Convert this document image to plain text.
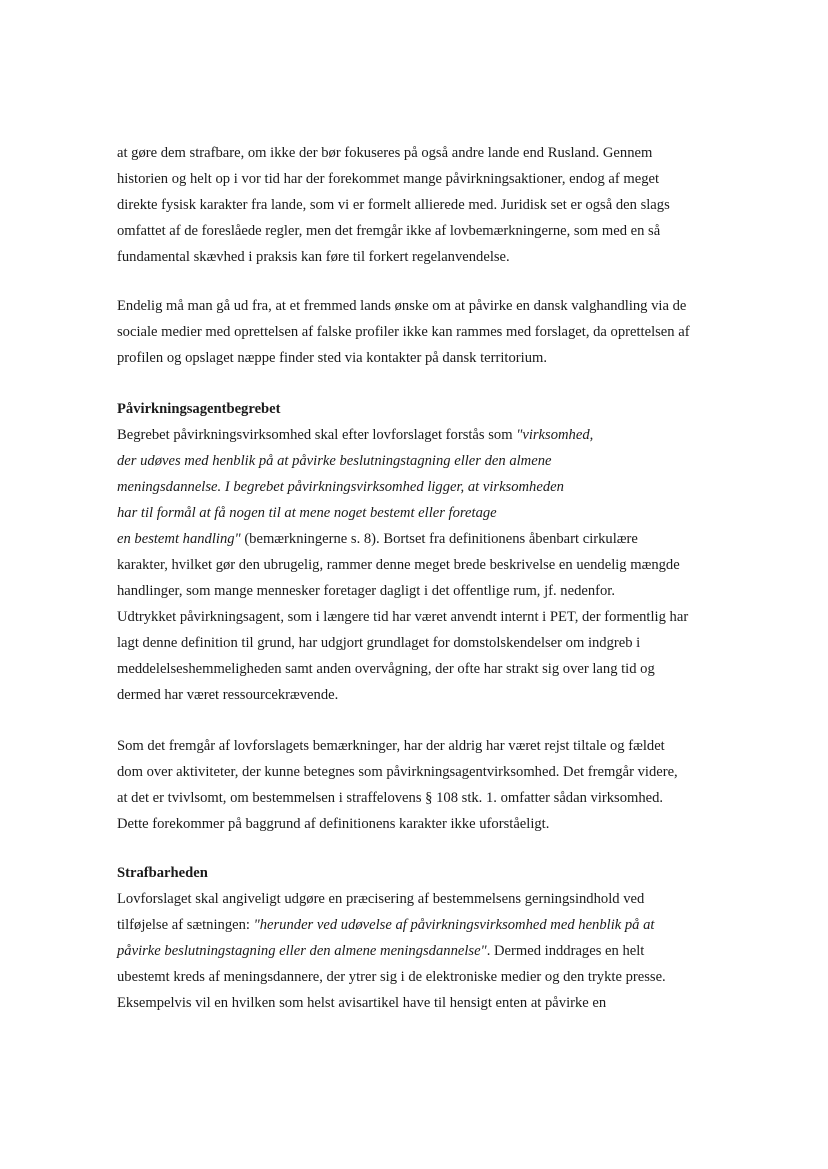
at gøre dem strafbare, om ikke der bør fokuseres på også andre lande end Rusland. Gennem
historien og helt op i vor tid har der forekommet mange påvirkningsaktioner, endog af meget
direkte fysisk karakter fra lande, som vi er formelt allierede med. Juridisk set er også den slags
omfattet af de foreslåede regler, men det fremgår ikke af lovbemærkningerne, som med en så
fundamental skævhed i praksis kan føre til forkert regelanvendelse.
Endelig må man gå ud fra, at et fremmed lands ønske om at påvirke en dansk valghandling via de
sociale medier med oprettelsen af falske profiler ikke kan rammes med forslaget, da oprettelsen af
profilen og opslaget næppe finder sted via kontakter på dansk territorium.
Påvirkningsagentbegrebet
Begrebet påvirkningsvirksomhed skal efter lovforslaget forstås som "virksomhed,
der udøves med henblik på at påvirke beslutningstagning eller den almene
meningsdannelse. I begrebet påvirkningsvirksomhed ligger, at virksomheden
har til formål at få nogen til at mene noget bestemt eller foretage
en bestemt handling" (bemærkningerne s. 8). Bortset fra definitionens åbenbart cirkulære
karakter, hvilket gør den ubrugelig, rammer denne meget brede beskrivelse en uendelig mængde
handlinger, som mange mennesker foretager dagligt i det offentlige rum, jf. nedenfor.
Udtrykket påvirkningsagent, som i længere tid har været anvendt internt i PET, der formentlig har
lagt denne definition til grund, har udgjort grundlaget for domstolskendelser om indgreb i
meddelelseshemmeligheden samt anden overvågning, der ofte har strakt sig over lang tid og
dermed har været ressourcekrævende.
Som det fremgår af lovforslagets bemærkninger, har der aldrig har været rejst tiltale og fældet
dom over aktiviteter, der kunne betegnes som påvirkningsagentvirksomhed. Det fremgår videre,
at det er tvivlsomt, om bestemmelsen i straffelovens § 108 stk. 1. omfatter sådan virksomhed.
Dette forekommer på baggrund af definitionens karakter ikke uforståeligt.
Strafbarheden
Lovforslaget skal angiveligt udgøre en præcisering af bestemmelsens gerningsindhold ved
tilføjelse af sætningen: "herunder ved udøvelse af påvirkningsvirksomhed med henblik på at
påvirke beslutningstagning eller den almene meningsdannelse". Dermed inddrages en helt
ubestemt kreds af meningsdannere, der ytrer sig i de elektroniske medier og den trykte presse.
Eksempelvis vil en hvilken som helst avisartikel have til hensigt enten at påvirke en
